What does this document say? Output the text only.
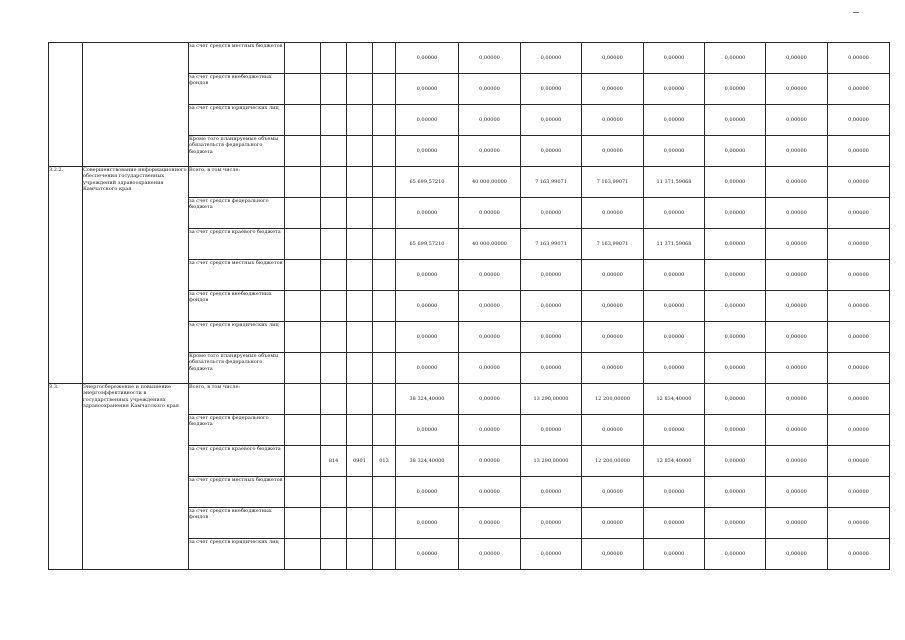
		за счет средств местных бюджетов					0,00000	0,00000	0,00000	0,00000	0,00000	0,00000	0,00000	0,00000
		за счет средств внебюджетных фондов					0,00000	0,00000	0,00000	0,00000	0,00000	0,00000	0,00000	0,00000
		за счет средств юридических лиц					0,00000	0,00000	0,00000	0,00000	0,00000	0,00000	0,00000	0,00000
		Кроме того планируемые объемы обязательств федерального бюджета					0,00000	0,00000	0,00000	0,00000	0,00000	0,00000	0,00000	0,00000
3.2.2.	Совершенствование информационного обеспечения государственных учреждений здравоохранения Камчатского края	Всего, в том числе:					65 699,57210	40 000,00000	7 163,99071	7 163,99071	11 371,59068	0,00000	0,00000	0,00000
		за счет средств федерального бюджета					0,00000	0,00000	0,00000	0,00000	0,00000	0,00000	0,00000	0,00000
		за счет средств краевого бюджета					65 699,57210	40 000,00000	7 163,99071	7 163,99071	11 371,59068	0,00000	0,00000	0,00000
		за счет средств местных бюджетов					0,00000	0,00000	0,00000	0,00000	0,00000	0,00000	0,00000	0,00000
		за счет средств внебюджетных фондов					0,00000	0,00000	0,00000	0,00000	0,00000	0,00000	0,00000	0,00000
		за счет средств юридических лиц					0,00000	0,00000	0,00000	0,00000	0,00000	0,00000	0,00000	0,00000
		Кроме того планируемые объемы обязательств федерального бюджета					0,00000	0,00000	0,00000	0,00000	0,00000	0,00000	0,00000	0,00000
3.3.	Энергосбережение и повышение энергоэффективности в государственных учреждениях здравоохранения Камчатского края	Всего, в том числе:					38 324,40000	0,00000	13 290,00000	12 200,00000	12 834,40000	0,00000	0,00000	0,00000
		за счет средств федерального бюджета					0,00000	0,00000	0,00000	0,00000	0,00000	0,00000	0,00000	0,00000
		за счет средств краевого бюджета		814	0901	013	38 324,40000	0,00000	13 290,00000	12 200,00000	12 834,40000	0,00000	0,00000	0,00000
		за счет средств местных бюджетов					0,00000	0,00000	0,00000	0,00000	0,00000	0,00000	0,00000	0,00000
		за счет средств внебюджетных фондов					0,00000	0,00000	0,00000	0,00000	0,00000	0,00000	0,00000	0,00000
		за счет средств юридических лиц					0,00000	0,00000	0,00000	0,00000	0,00000	0,00000	0,00000	0,00000
